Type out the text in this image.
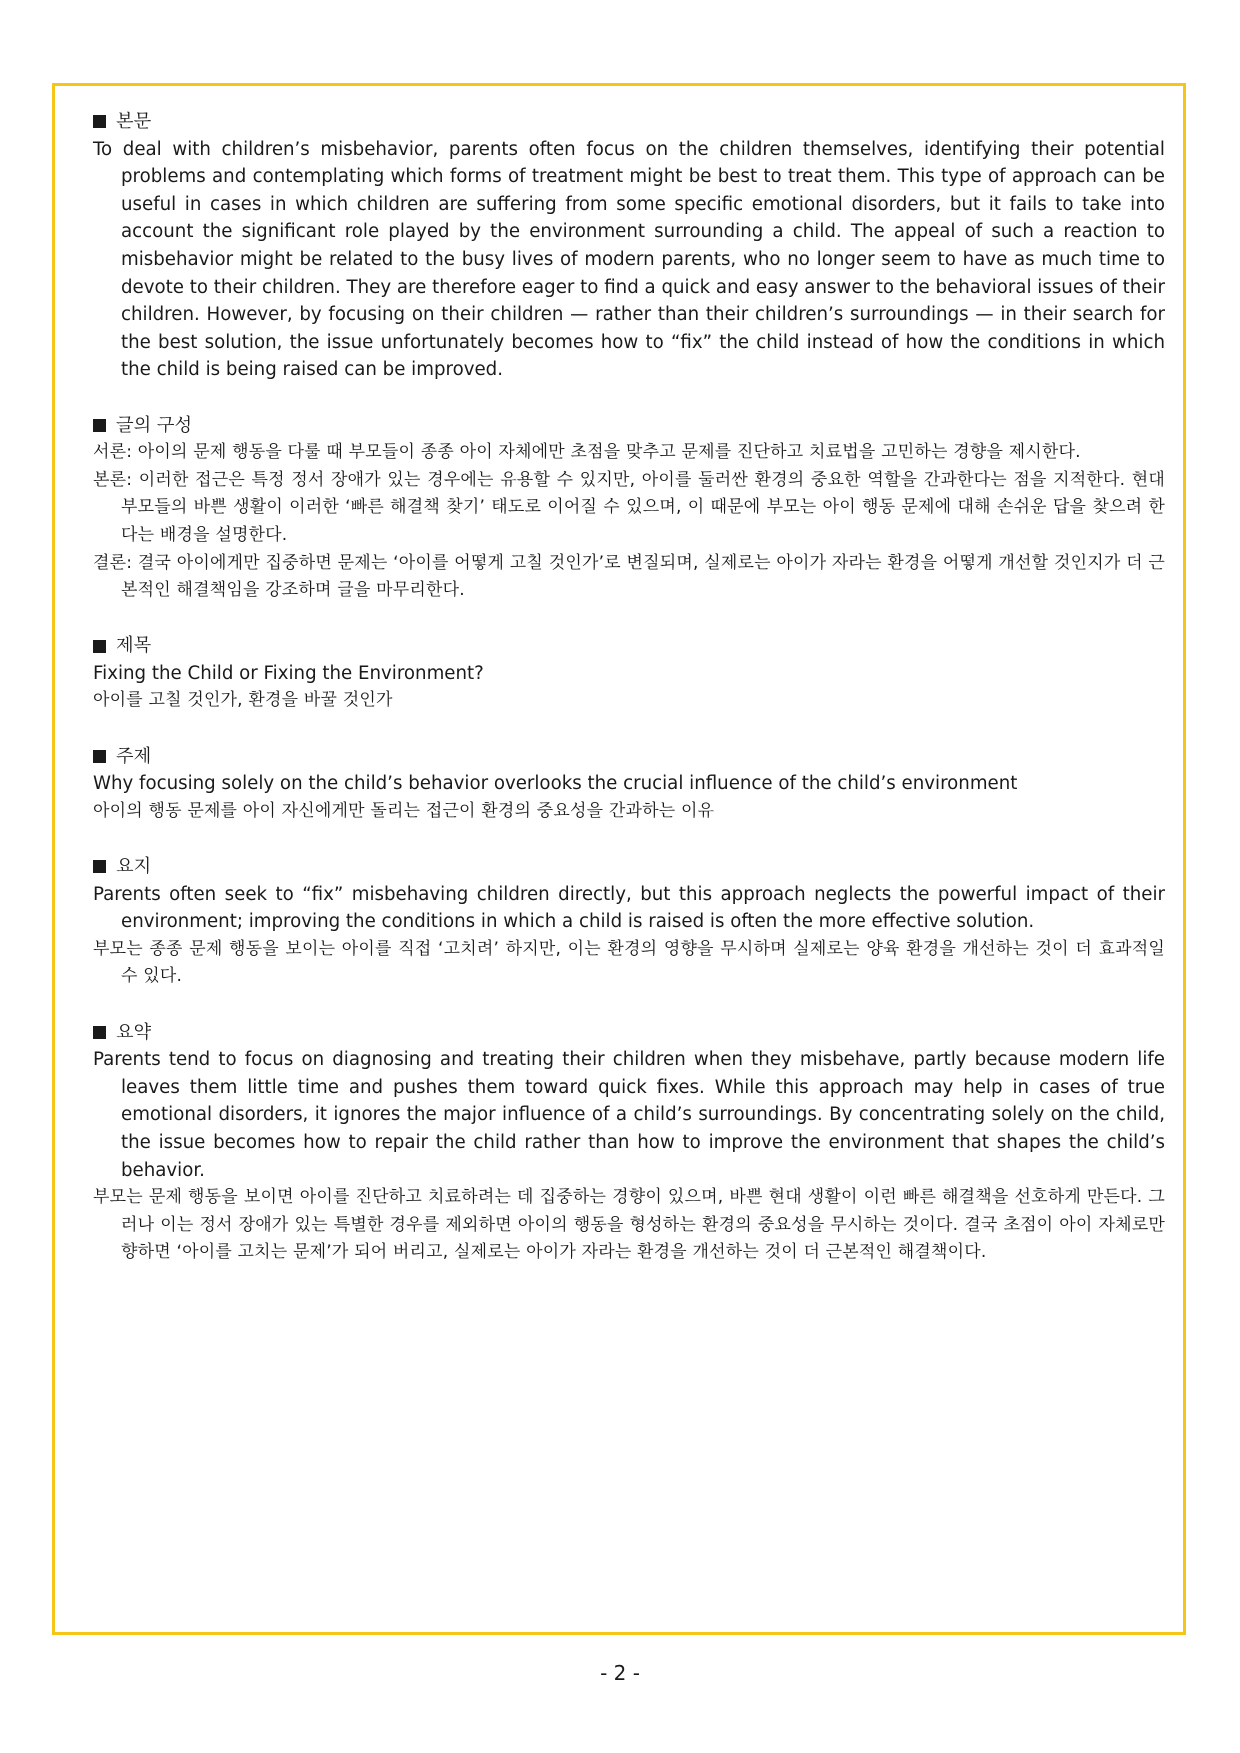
본문
To deal with children’s misbehavior, parents often focus on the children themselves, identifying their potential problems and contemplating which forms of treatment might be best to treat them. This type of approach can be useful in cases in which children are suffering from some specific emotional disorders, but it fails to take into account the significant role played by the environment surrounding a child. The appeal of such a reaction to misbehavior might be related to the busy lives of modern parents, who no longer seem to have as much time to devote to their children. They are therefore eager to find a quick and easy answer to the behavioral issues of their children. However, by focusing on their children — rather than their children’s surroundings — in their search for the best solution, the issue unfortunately becomes how to “fix” the child instead of how the conditions in which the child is being raised can be improved.
글의 구성
서론: 아이의 문제 행동을 다룰 때 부모들이 종종 아이 자체에만 초점을 맞추고 문제를 진단하고 치료법을 고민하는 경향을 제시한다.
본론: 이러한 접근은 특정 정서 장애가 있는 경우에는 유용할 수 있지만, 아이를 둘러싼 환경의 중요한 역할을 간과한다는 점을 지적한다. 현대 부모들의 바쁜 생활이 이러한 ‘빠른 해결책 찾기’ 태도로 이어질 수 있으며, 이 때문에 부모는 아이 행동 문제에 대해 손쉬운 답을 찾으려 한다는 배경을 설명한다.
결론: 결국 아이에게만 집중하면 문제는 ‘아이를 어떻게 고칠 것인가’로 변질되며, 실제로는 아이가 자라는 환경을 어떻게 개선할 것인지가 더 근본적인 해결책임을 강조하며 글을 마무리한다.
제목
Fixing the Child or Fixing the Environment?
아이를 고칠 것인가, 환경을 바꿀 것인가
주제
Why focusing solely on the child’s behavior overlooks the crucial influence of the child’s environment
아이의 행동 문제를 아이 자신에게만 돌리는 접근이 환경의 중요성을 간과하는 이유
요지
Parents often seek to “fix” misbehaving children directly, but this approach neglects the powerful impact of their environment; improving the conditions in which a child is raised is often the more effective solution.
부모는 종종 문제 행동을 보이는 아이를 직접 ‘고치려’ 하지만, 이는 환경의 영향을 무시하며 실제로는 양육 환경을 개선하는 것이 더 효과적일 수 있다.
요약
Parents tend to focus on diagnosing and treating their children when they misbehave, partly because modern life leaves them little time and pushes them toward quick fixes. While this approach may help in cases of true emotional disorders, it ignores the major influence of a child’s surroundings. By concentrating solely on the child, the issue becomes how to repair the child rather than how to improve the environment that shapes the child’s behavior.
부모는 문제 행동을 보이면 아이를 진단하고 치료하려는 데 집중하는 경향이 있으며, 바쁜 현대 생활이 이런 빠른 해결책을 선호하게 만든다. 그러나 이는 정서 장애가 있는 특별한 경우를 제외하면 아이의 행동을 형성하는 환경의 중요성을 무시하는 것이다. 결국 초점이 아이 자체로만 향하면 ‘아이를 고치는 문제’가 되어 버리고, 실제로는 아이가 자라는 환경을 개선하는 것이 더 근본적인 해결책이다.
- 2 -
